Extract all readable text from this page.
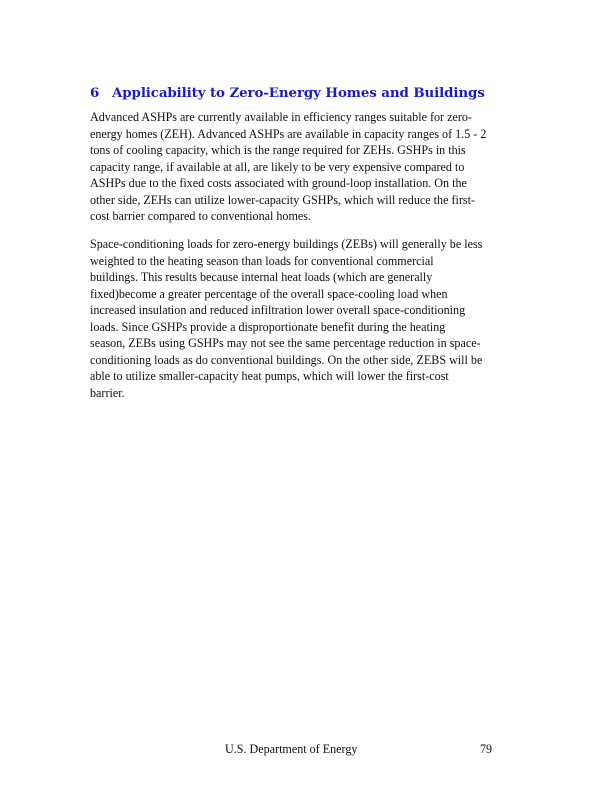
6 Applicability to Zero-Energy Homes and Buildings
Advanced ASHPs are currently available in efficiency ranges suitable for zero-
energy homes (ZEH). Advanced ASHPs are available in capacity ranges of 1.5 - 2
tons of cooling capacity, which is the range required for ZEHs. GSHPs in this
capacity range, if available at all, are likely to be very expensive compared to
ASHPs due to the fixed costs associated with ground-loop installation. On the
other side, ZEHs can utilize lower-capacity GSHPs, which will reduce the first-
cost barrier compared to conventional homes.
Space-conditioning loads for zero-energy buildings (ZEBs) will generally be less
weighted to the heating season than loads for conventional commercial
buildings. This results because internal heat loads (which are generally
fixed)become a greater percentage of the overall space-cooling load when
increased insulation and reduced infiltration lower overall space-conditioning
loads. Since GSHPs provide a disproportionate benefit during the heating
season, ZEBs using GSHPs may not see the same percentage reduction in space-
conditioning loads as do conventional buildings. On the other side, ZEBS will be
able to utilize smaller-capacity heat pumps, which will lower the first-cost
barrier.
U.S. Department of Energy	79
